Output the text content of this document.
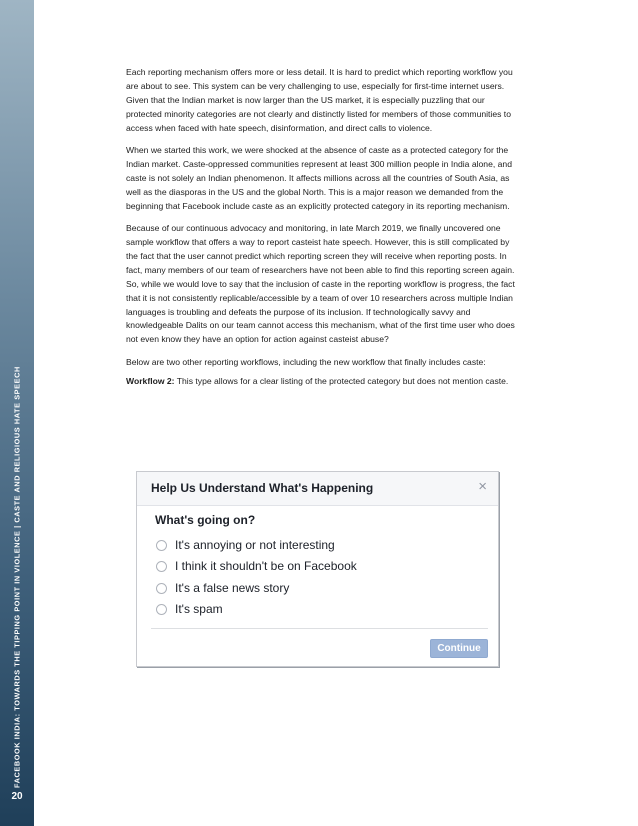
FACEBOOK INDIA: TOWARDS THE TIPPING POINT IN VIOLENCE | CASTE AND RELIGIOUS HATE SPEECH
20

Each reporting mechanism offers more or less detail. It is hard to predict which reporting workflow you are about to see. This system can be very challenging to use, especially for first-time internet users. Given that the Indian market is now larger than the US market, it is especially puzzling that our protected minority categories are not clearly and distinctly listed for members of those communities to access when faced with hate speech, disinformation, and direct calls to violence.

When we started this work, we were shocked at the absence of caste as a protected category for the Indian market. Caste-oppressed communities represent at least 300 million people in India alone, and caste is not solely an Indian phenomenon. It affects millions across all the countries of South Asia, as well as the diasporas in the US and the global North. This is a major reason we demanded from the beginning that Facebook include caste as an explicitly protected category in its reporting mechanism.

Because of our continuous advocacy and monitoring, in late March 2019, we finally uncovered one sample workflow that offers a way to report casteist hate speech. However, this is still complicated by the fact that the user cannot predict which reporting screen they will receive when reporting posts. In fact, many members of our team of researchers have not been able to find this reporting screen again. So, while we would love to say that the inclusion of caste in the reporting workflow is progress, the fact that it is not consistently replicable/accessible by a team of over 10 researchers across multiple Indian languages is troubling and defeats the purpose of its inclusion. If technologically savvy and knowledgeable Dalits on our team cannot access this mechanism, what of the first time user who does not even know they have an option for action against casteist abuse?

Below are two other reporting workflows, including the new workflow that finally includes caste:

Workflow 2: This type allows for a clear listing of the protected category but does not mention caste.

Help Us Understand What's Happening	×
What's going on?
It's annoying or not interesting
I think it shouldn't be on Facebook
It's a false news story
It's spam
Continue
